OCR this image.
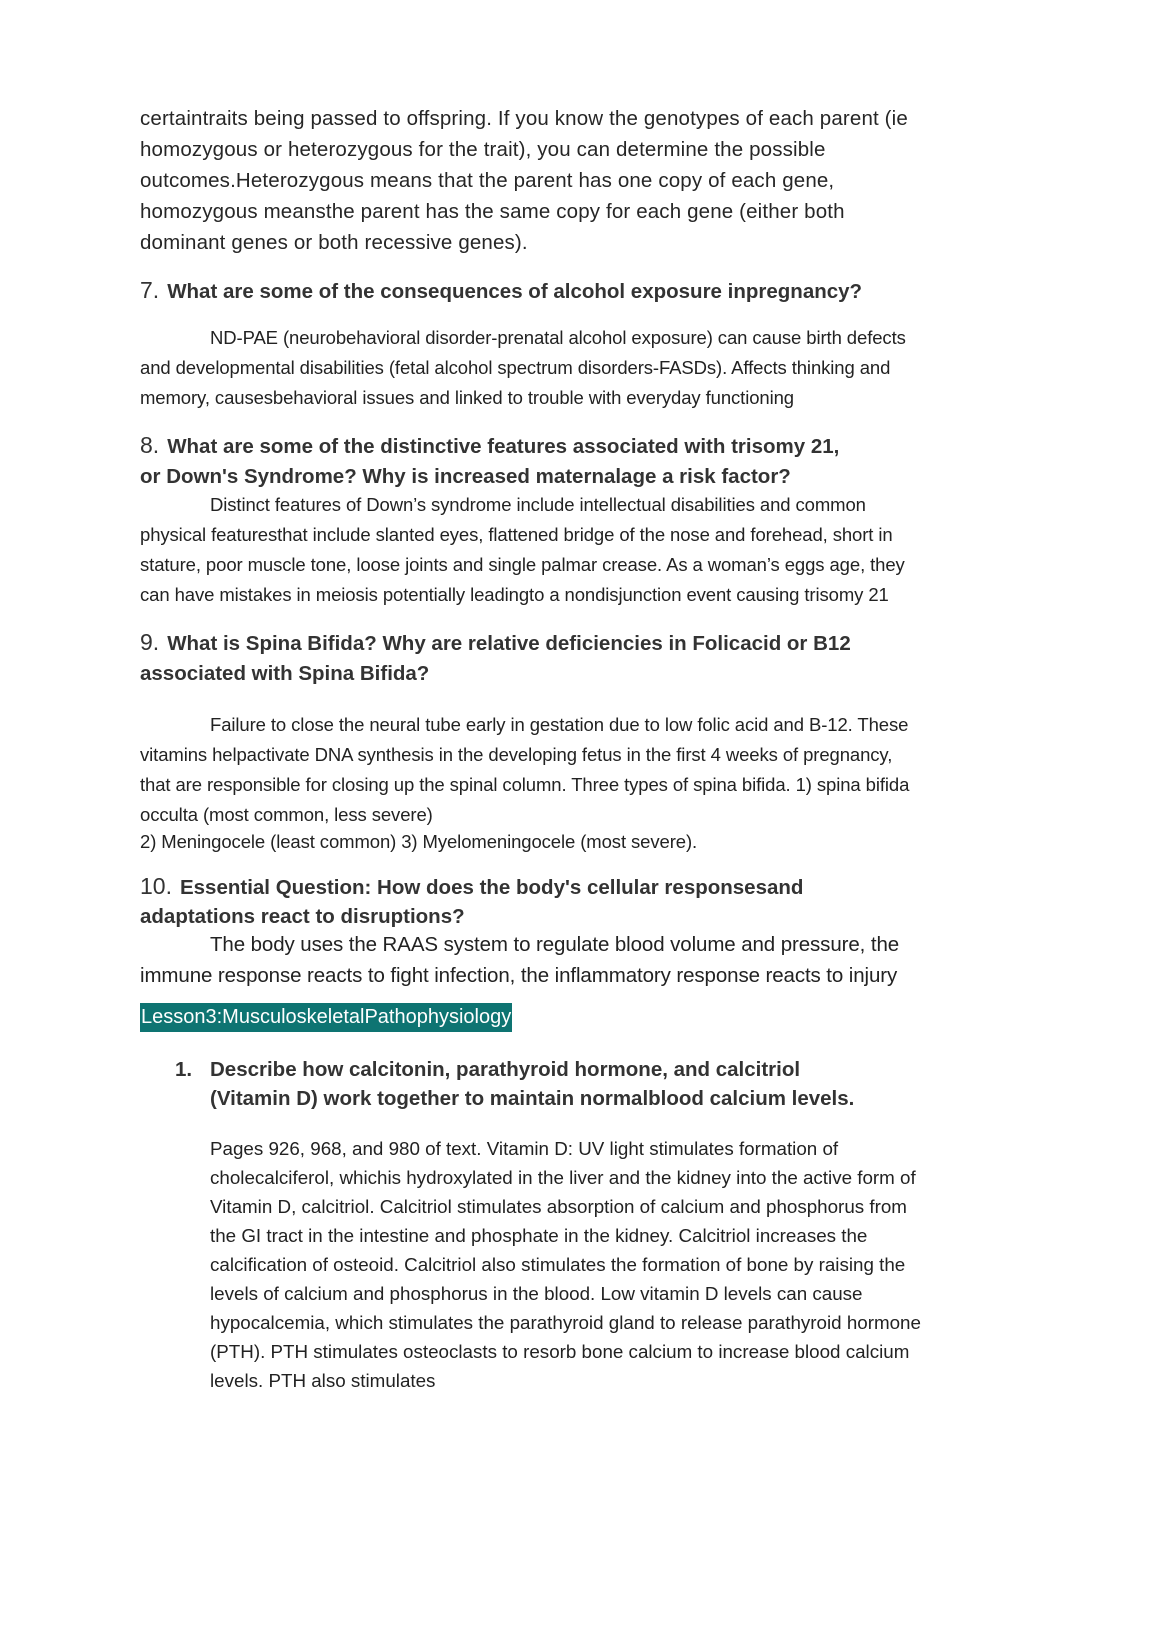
certaintraits being passed to offspring. If you know the genotypes of each parent (ie
homozygous or heterozygous for the trait), you can determine the possible
outcomes.Heterozygous means that the parent has one copy of each gene,
homozygous meansthe parent has the same copy for each gene (either both
dominant genes or both recessive genes).
7. What are some of the consequences of alcohol exposure inpregnancy?
ND-PAE (neurobehavioral disorder-prenatal alcohol exposure) can cause birth defects
and developmental disabilities (fetal alcohol spectrum disorders-FASDs). Affects thinking and
memory, causesbehavioral issues and linked to trouble with everyday functioning
8. What are some of the distinctive features associated with trisomy 21,
or Down's Syndrome? Why is increased maternalage a risk factor?
Distinct features of Down’s syndrome include intellectual disabilities and common
physical featuresthat include slanted eyes, flattened bridge of the nose and forehead, short in
stature, poor muscle tone, loose joints and single palmar crease. As a woman’s eggs age, they
can have mistakes in meiosis potentially leadingto a nondisjunction event causing trisomy 21
9. What is Spina Bifida? Why are relative deficiencies in Folicacid or B12
associated with Spina Bifida?
Failure to close the neural tube early in gestation due to low folic acid and B-12. These
vitamins helpactivate DNA synthesis in the developing fetus in the first 4 weeks of pregnancy,
that are responsible for closing up the spinal column. Three types of spina bifida. 1) spina bifida
occulta (most common, less severe)
2) Meningocele (least common) 3) Myelomeningocele (most severe).
10. Essential Question: How does the body's cellular responsesand
adaptations react to disruptions?
The body uses the RAAS system to regulate blood volume and pressure, the
immune response reacts to fight infection, the inflammatory response reacts to injury
Lesson3:MusculoskeletalPathophysiology
1. Describe how calcitonin, parathyroid hormone, and calcitriol
(Vitamin D) work together to maintain normalblood calcium levels.
Pages 926, 968, and 980 of text. Vitamin D: UV light stimulates formation of
cholecalciferol, whichis hydroxylated in the liver and the kidney into the active form of
Vitamin D, calcitriol. Calcitriol stimulates absorption of calcium and phosphorus from
the GI tract in the intestine and phosphate in the kidney. Calcitriol increases the
calcification of osteoid. Calcitriol also stimulates the formation of bone by raising the
levels of calcium and phosphorus in the blood. Low vitamin D levels can cause
hypocalcemia, which stimulates the parathyroid gland to release parathyroid hormone
(PTH). PTH stimulates osteoclasts to resorb bone calcium to increase blood calcium
levels. PTH also stimulates
